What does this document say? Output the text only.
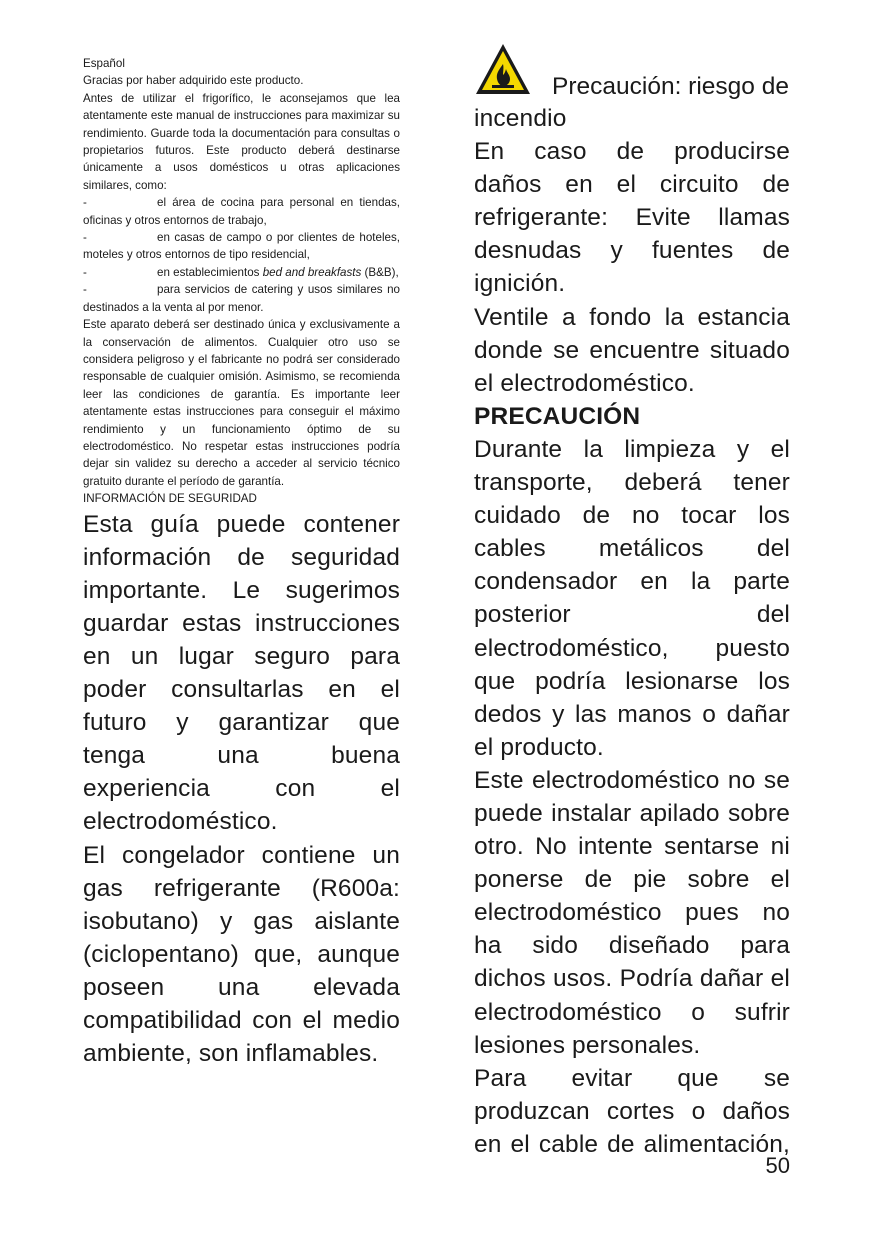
Español

Gracias por haber adquirido este producto.

Antes de utilizar el frigorífico, le aconsejamos que lea atentamente este manual de instrucciones para maximizar su rendimiento. Guarde toda la documentación para consultas o propietarios futuros. Este producto deberá destinarse únicamente a usos domésticos u otras aplicaciones similares, como:

-	el área de cocina para personal en tiendas, oficinas y otros entornos de trabajo,

-	en casas de campo o por clientes de hoteles, moteles y otros entornos de tipo residencial,

-	en establecimientos bed and breakfasts (B&B),

-	para servicios de catering y usos similares no destinados a la venta al por menor.

Este aparato deberá ser destinado única y exclusivamente a la conservación de alimentos. Cualquier otro uso se considera peligroso y el fabricante no podrá ser considerado responsable de cualquier omisión. Asimismo, se recomienda leer las condiciones de garantía. Es importante leer atentamente estas instrucciones para conseguir el máximo rendimiento y un funcionamiento óptimo de su electrodoméstico. No respetar estas instrucciones podría dejar sin validez su derecho a acceder al servicio técnico gratuito durante el período de garantía.

INFORMACIÓN DE SEGURIDAD

Esta guía puede contener información de seguridad importante. Le sugerimos guardar estas instrucciones en un lugar seguro para poder consultarlas en el futuro y garantizar que tenga una buena experiencia con el electrodoméstico.

El congelador contiene un gas refrigerante (R600a: isobutano) y gas aislante (ciclopentano) que, aunque poseen una elevada compatibilidad con el medio ambiente, son inflamables.

Precaución: riesgo de

incendio

En caso de producirse daños en el circuito de refrigerante: Evite llamas desnudas y fuentes de ignición.

Ventile a fondo la estancia donde se encuentre situado el electrodoméstico.

PRECAUCIÓN

Durante la limpieza y el transporte, deberá tener cuidado de no tocar los cables metálicos del condensador en la parte posterior del electrodoméstico, puesto que podría lesionarse los dedos y las manos o dañar el producto.

Este electrodoméstico no se puede instalar apilado sobre otro. No intente sentarse ni ponerse de pie sobre el electrodoméstico pues no ha sido diseñado para dichos usos. Podría dañar el electrodoméstico o sufrir lesiones personales.

Para evitar que se produzcan cortes o daños en el cable de alimentación,

50
